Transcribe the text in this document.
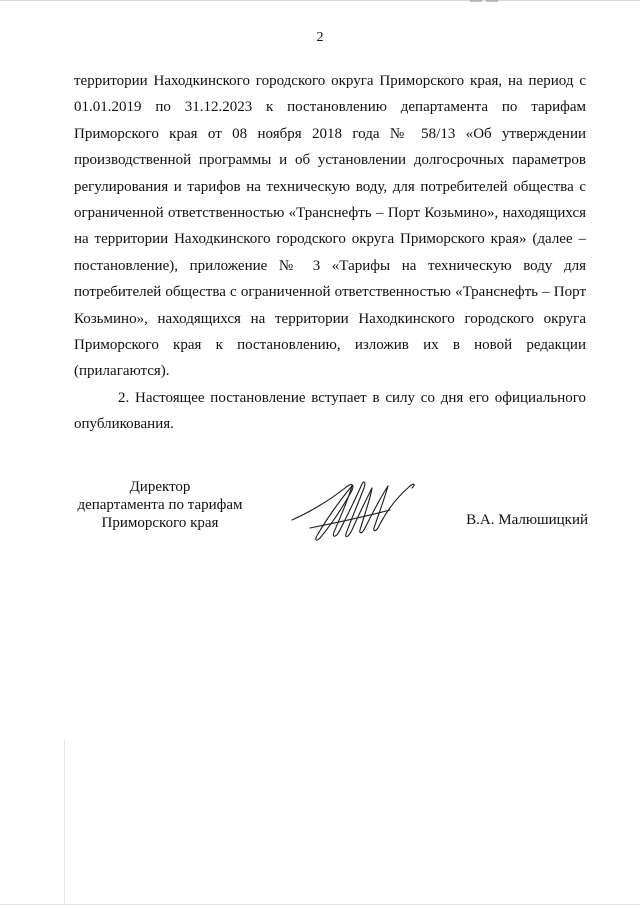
2

территории Находкинского городского округа Приморского края, на период с 01.01.2019 по 31.12.2023 к постановлению департамента по тарифам Приморского края от 08 ноября 2018 года № 58/13 «Об утверждении производственной программы и об установлении долгосрочных параметров регулирования и тарифов на техническую воду, для потребителей общества с ограниченной ответственностью «Транснефть – Порт Козьмино», находящихся на территории Находкинского городского округа Приморского края» (далее – постановление), приложение № 3 «Тарифы на техническую воду для потребителей общества с ограниченной ответственностью «Транснефть – Порт Козьмино», находящихся на территории Находкинского городского округа Приморского края к постановлению, изложив их в новой редакции (прилагаются).

2. Настоящее постановление вступает в силу со дня его официального опубликования.

Директор
департамента по тарифам
Приморского края	В.А. Малюшицкий
